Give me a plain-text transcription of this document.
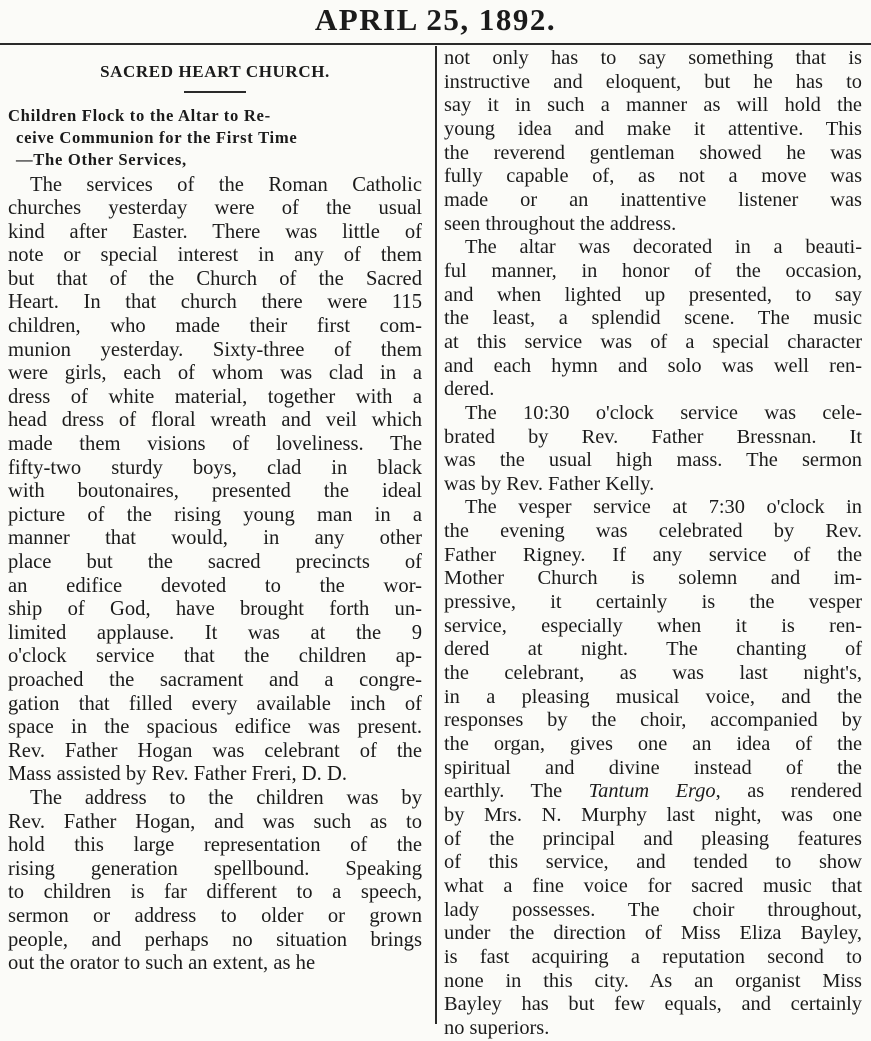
APRIL 25, 1892.
SACRED HEART CHURCH.
Children Flock to the Altar to Re-
ceive Communion for the First Time
—The Other Services,
The services of the Roman Catholic
churches yesterday were of the usual
kind after Easter. There was little of
note or special interest in any of them
but that of the Church of the Sacred
Heart. In that church there were 115
children, who made their first com-
munion yesterday. Sixty-three of them
were girls, each of whom was clad in a
dress of white material, together with a
head dress of floral wreath and veil which
made them visions of loveliness. The
fifty-two sturdy boys, clad in black
with boutonaires, presented the ideal
picture of the rising young man in a
manner that would, in any other
place but the sacred precincts of
an edifice devoted to the wor-
ship of God, have brought forth un-
limited applause. It was at the 9
o'clock service that the children ap-
proached the sacrament and a congre-
gation that filled every available inch of
space in the spacious edifice was present.
Rev. Father Hogan was celebrant of the
Mass assisted by Rev. Father Freri, D. D.
The address to the children was by
Rev. Father Hogan, and was such as to
hold this large representation of the
rising generation spellbound. Speaking
to children is far different to a speech,
sermon or address to older or grown
people, and perhaps no situation brings
out the orator to such an extent, as he
not only has to say something that is
instructive and eloquent, but he has to
say it in such a manner as will hold the
young idea and make it attentive. This
the reverend gentleman showed he was
fully capable of, as not a move was
made or an inattentive listener was
seen throughout the address.
The altar was decorated in a beauti-
ful manner, in honor of the occasion,
and when lighted up presented, to say
the least, a splendid scene. The music
at this service was of a special character
and each hymn and solo was well ren-
dered.
The 10:30 o'clock service was cele-
brated by Rev. Father Bressnan. It
was the usual high mass. The sermon
was by Rev. Father Kelly.
The vesper service at 7:30 o'clock in
the evening was celebrated by Rev.
Father Rigney. If any service of the
Mother Church is solemn and im-
pressive, it certainly is the vesper
service, especially when it is ren-
dered at night. The chanting of
the celebrant, as was last night's,
in a pleasing musical voice, and the
responses by the choir, accompanied by
the organ, gives one an idea of the
spiritual and divine instead of the
earthly. The Tantum Ergo, as rendered
by Mrs. N. Murphy last night, was one
of the principal and pleasing features
of this service, and tended to show
what a fine voice for sacred music that
lady possesses. The choir throughout,
under the direction of Miss Eliza Bayley,
is fast acquiring a reputation second to
none in this city. As an organist Miss
Bayley has but few equals, and certainly
no superiors.
